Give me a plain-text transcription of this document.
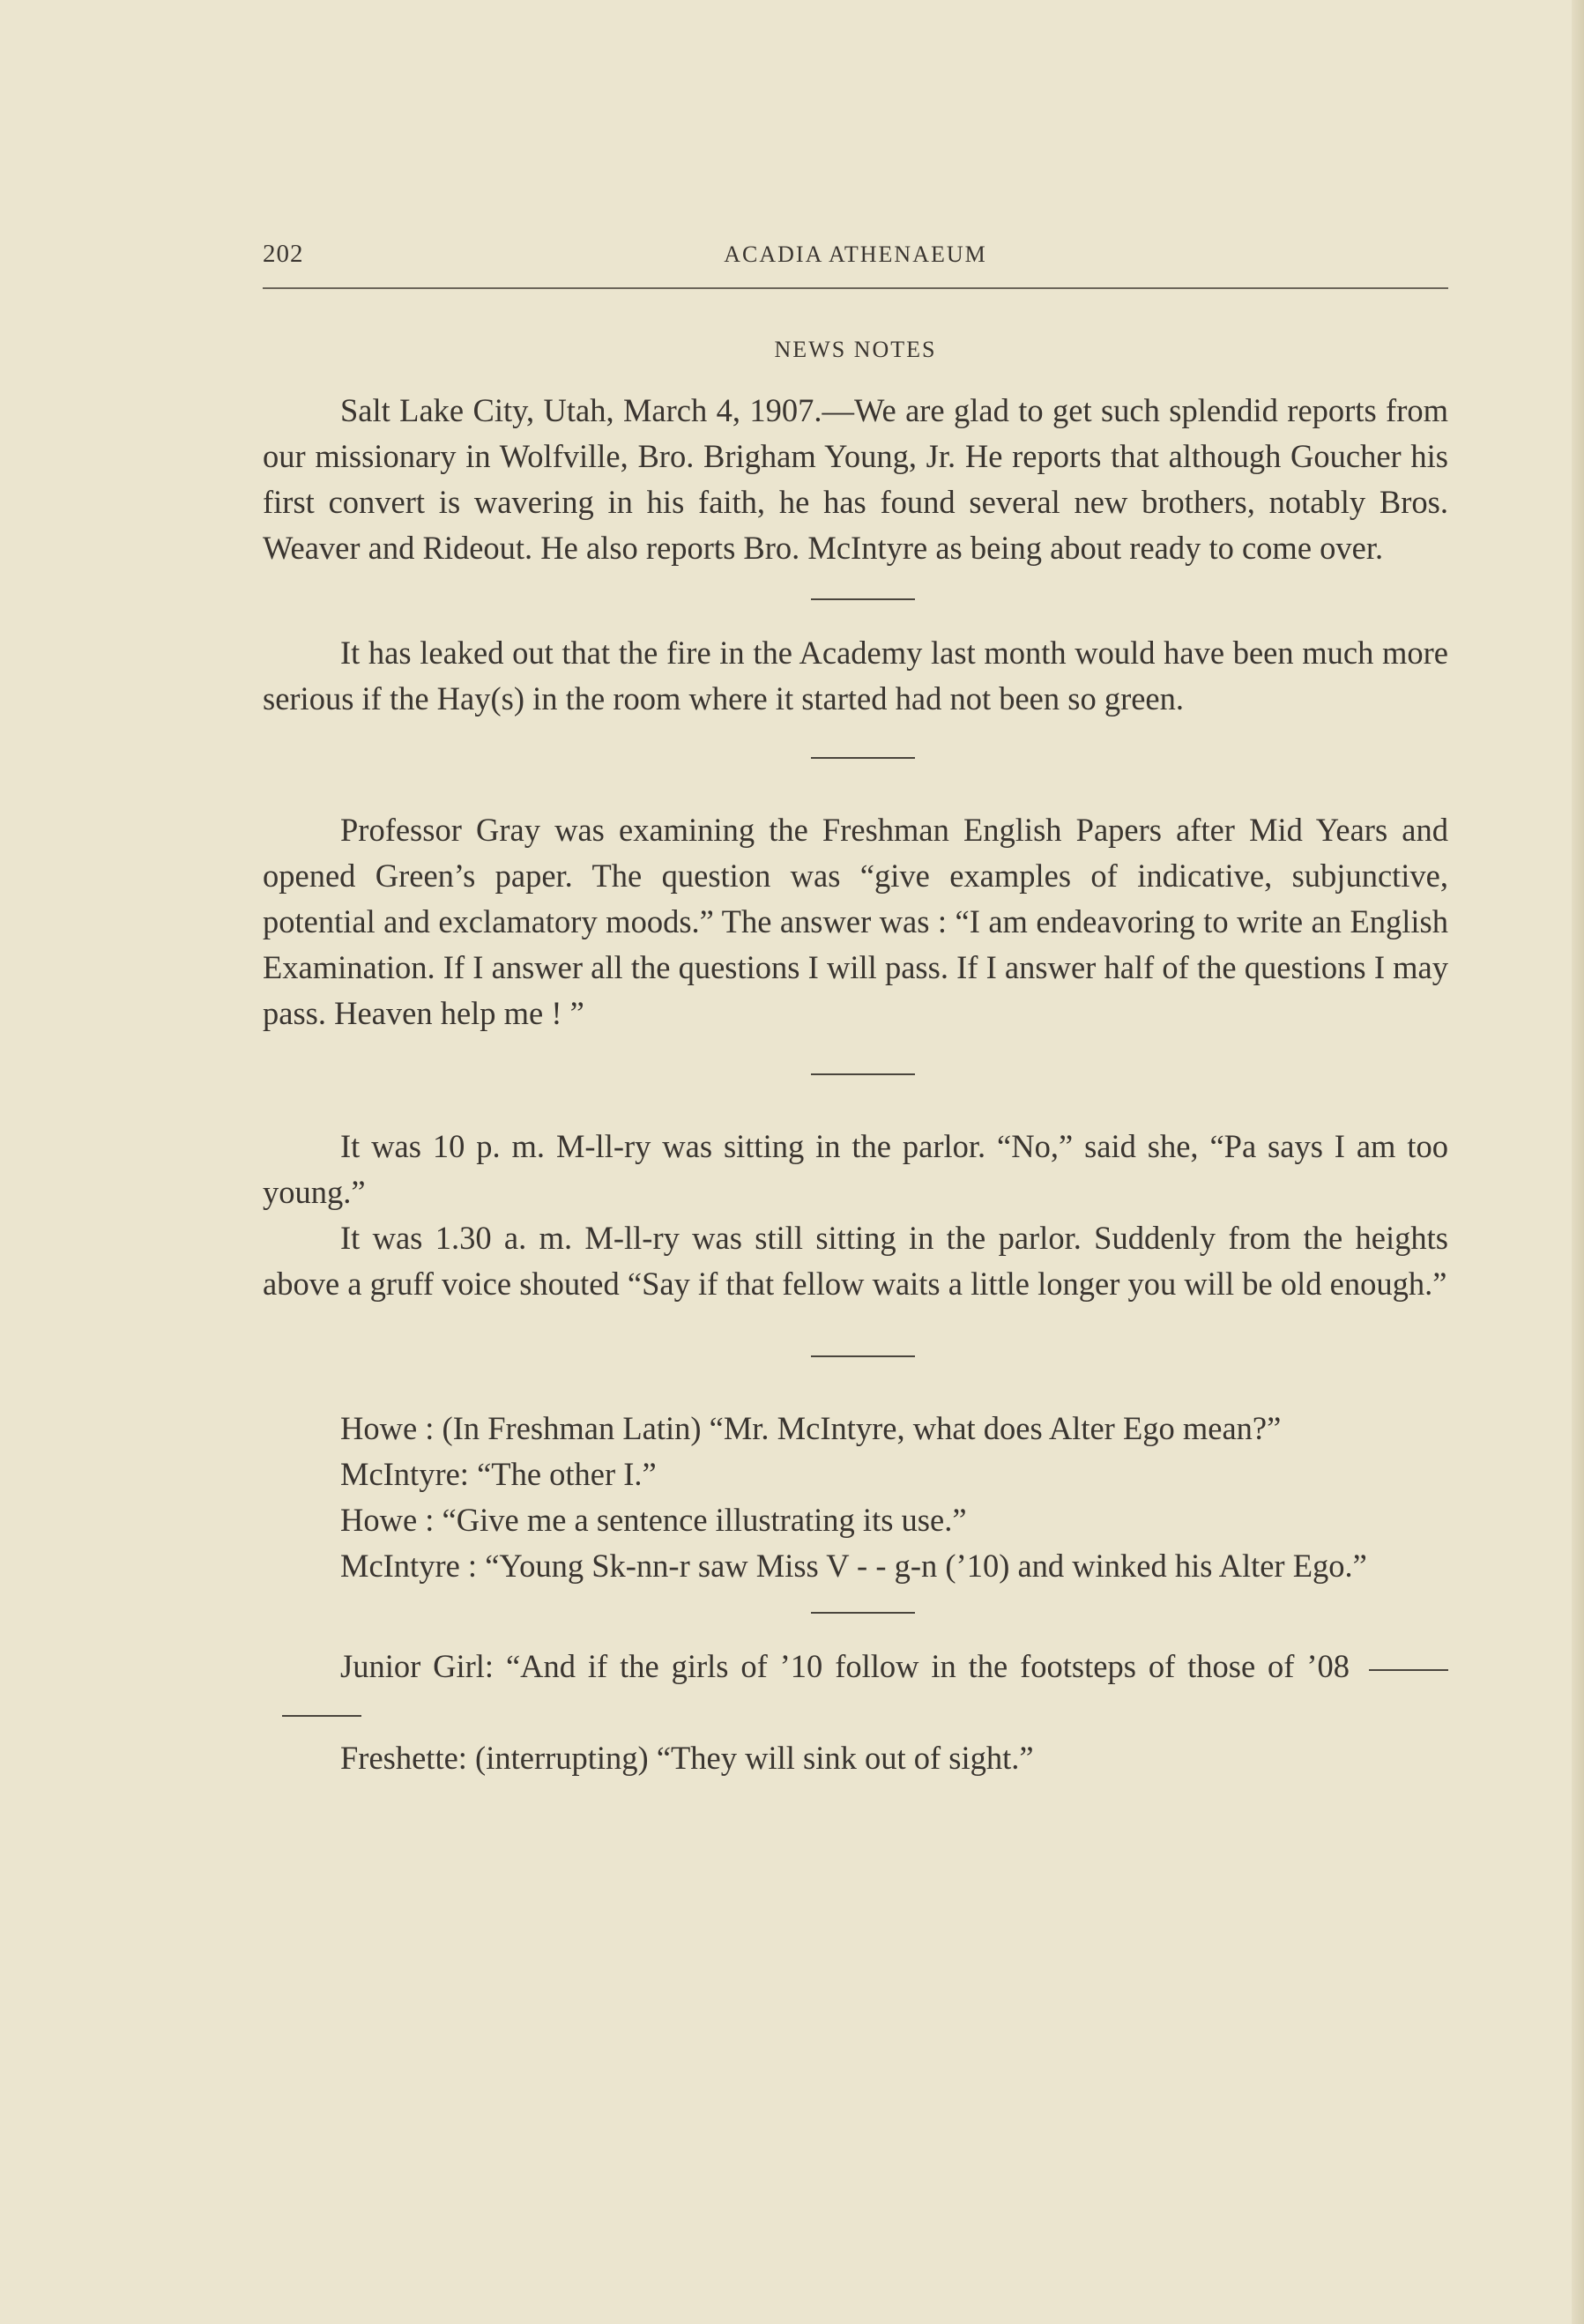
202	ACADIA ATHENAEUM
NEWS NOTES

Salt Lake City, Utah, March 4, 1907.—We are glad to get such splendid reports from our missionary in Wolfville, Bro. Brigham Young, Jr. He reports that although Goucher his first convert is wavering in his faith, he has found several new brothers, notably Bros. Weaver and Rideout. He also reports Bro. McIntyre as being about ready to come over.

It has leaked out that the fire in the Academy last month would have been much more serious if the Hay(s) in the room where it started had not been so green.

Professor Gray was examining the Freshman English Papers after Mid Years and opened Green’s paper. The question was “give examples of indicative, subjunctive, potential and exclamatory moods.” The answer was : “I am endeavoring to write an English Examination. If I answer all the questions I will pass. If I answer half of the questions I may pass. Heaven help me ! ”

It was 10 p. m. M-ll-ry was sitting in the parlor. “No,” said she, “Pa says I am too young.”

It was 1.30 a. m. M-ll-ry was still sitting in the parlor. Suddenly from the heights above a gruff voice shouted “Say if that fellow waits a little longer you will be old enough.”

Howe : (In Freshman Latin) “Mr. McIntyre, what does Alter Ego mean?”

McIntyre: “The other I.”

Howe : “Give me a sentence illustrating its use.”

McIntyre : “Young Sk-nn-r saw Miss V - - g-n (’10) and winked his Alter Ego.”

Junior Girl: “And if the girls of ’10 follow in the footsteps of those of ’08

Freshette: (interrupting) “They will sink out of sight.”
